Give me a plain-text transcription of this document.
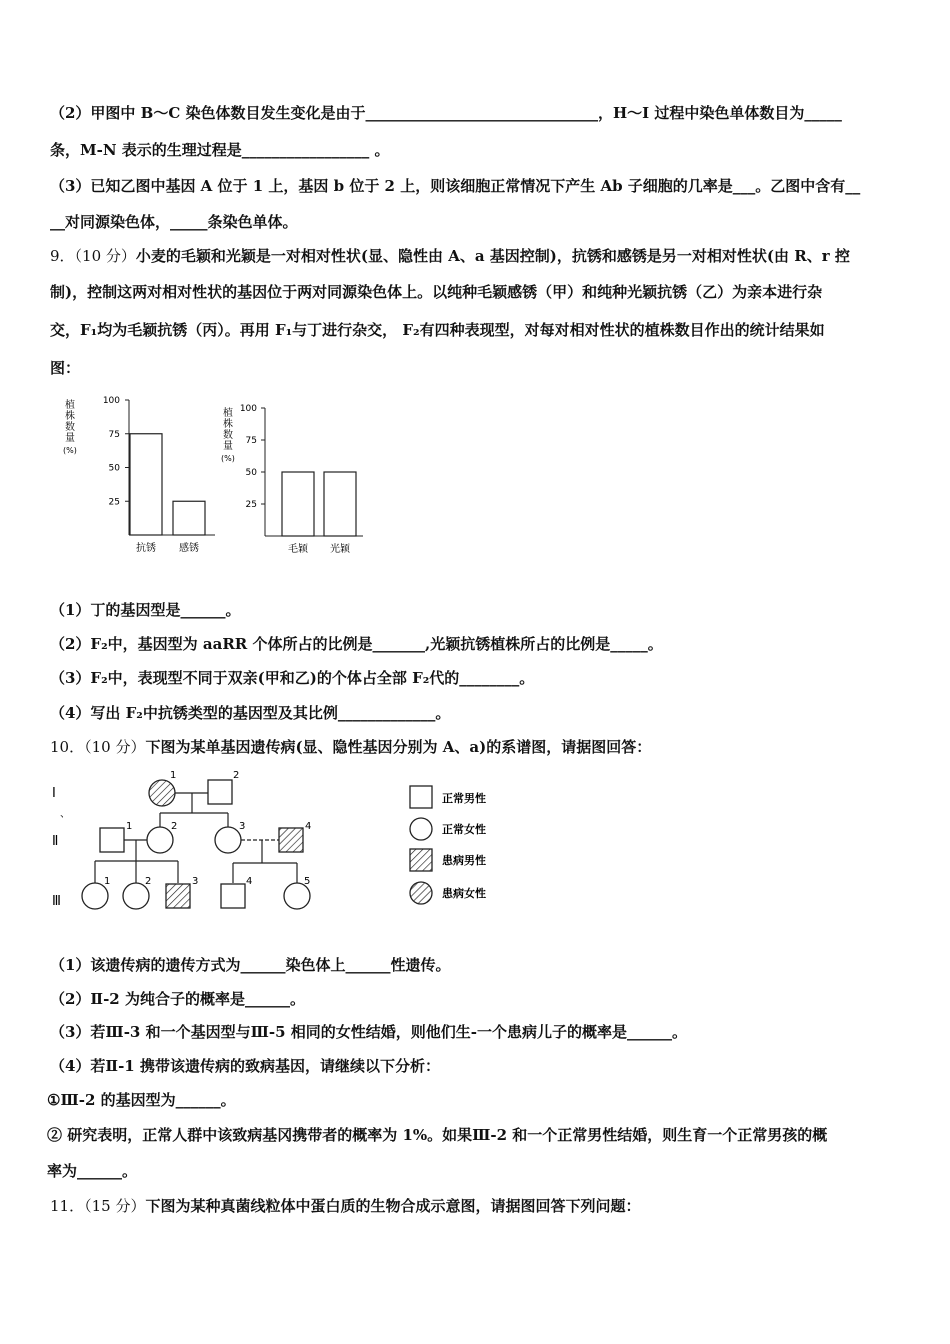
（2）甲图中 B～C 染色体数目发生变化是由于_______________________________，H～I 过程中染色单体数目为_____
条，M-N 表示的生理过程是_________________ 。
（3）已知乙图中基因 A 位于 1 上，基因 b 位于 2 上，则该细胞正常情况下产生 Ab 子细胞的几率是___。乙图中含有__
__对同源染色体，_____条染色单体。
9．（10 分）小麦的毛颖和光颖是一对相对性状(显、隐性由 A、a 基因控制)，抗锈和感锈是另一对相对性状(由 R、r 控
制)，控制这两对相对性状的基因位于两对同源染色体上。以纯种毛颖感锈（甲）和纯种光颖抗锈（乙）为亲本进行杂
交，F₁均为毛颖抗锈（丙）。再用 F₁与丁进行杂交， F₂有四种表现型，对每对相对性状的植株数目作出的统计结果如
图：
植株数量(%)
100
75
50
25
抗锈 感锈
植株数量(%)
100
75
50
25
毛颖 光颖
（1）丁的基因型是______。
（2）F₂中，基因型为 aaRR 个体所占的比例是_______,光颖抗锈植株所占的比例是_____。
（3）F₂中，表现型不同于双亲(甲和乙)的个体占全部 F₂代的________。
（4）写出 F₂中抗锈类型的基因型及其比例_____________。
10．（10 分）下图为某单基因遗传病(显、隐性基因分别为 A、a)的系谱图，请据图回答：
Ⅰ
、
Ⅱ
Ⅲ
1	2
1	2	3	4
1	2	3	4	5
正常男性
正常女性
患病男性
患病女性
（1）该遗传病的遗传方式为______染色体上______性遗传。
（2）Ⅱ-2 为纯合子的概率是______。
（3）若Ⅲ-3 和一个基因型与Ⅲ-5 相同的女性结婚，则他们生-一个患病儿子的概率是______。
（4）若Ⅱ-1 携带该遗传病的致病基因，请继续以下分析：
①Ⅲ-2 的基因型为______。
② 研究表明，正常人群中该致病基冈携带者的概率为 1%。如果Ⅲ-2 和一个正常男性结婚，则生育一个正常男孩的概
率为______。
11．（15 分）下图为某种真菌线粒体中蛋白质的生物合成示意图，请据图回答下列问题：
